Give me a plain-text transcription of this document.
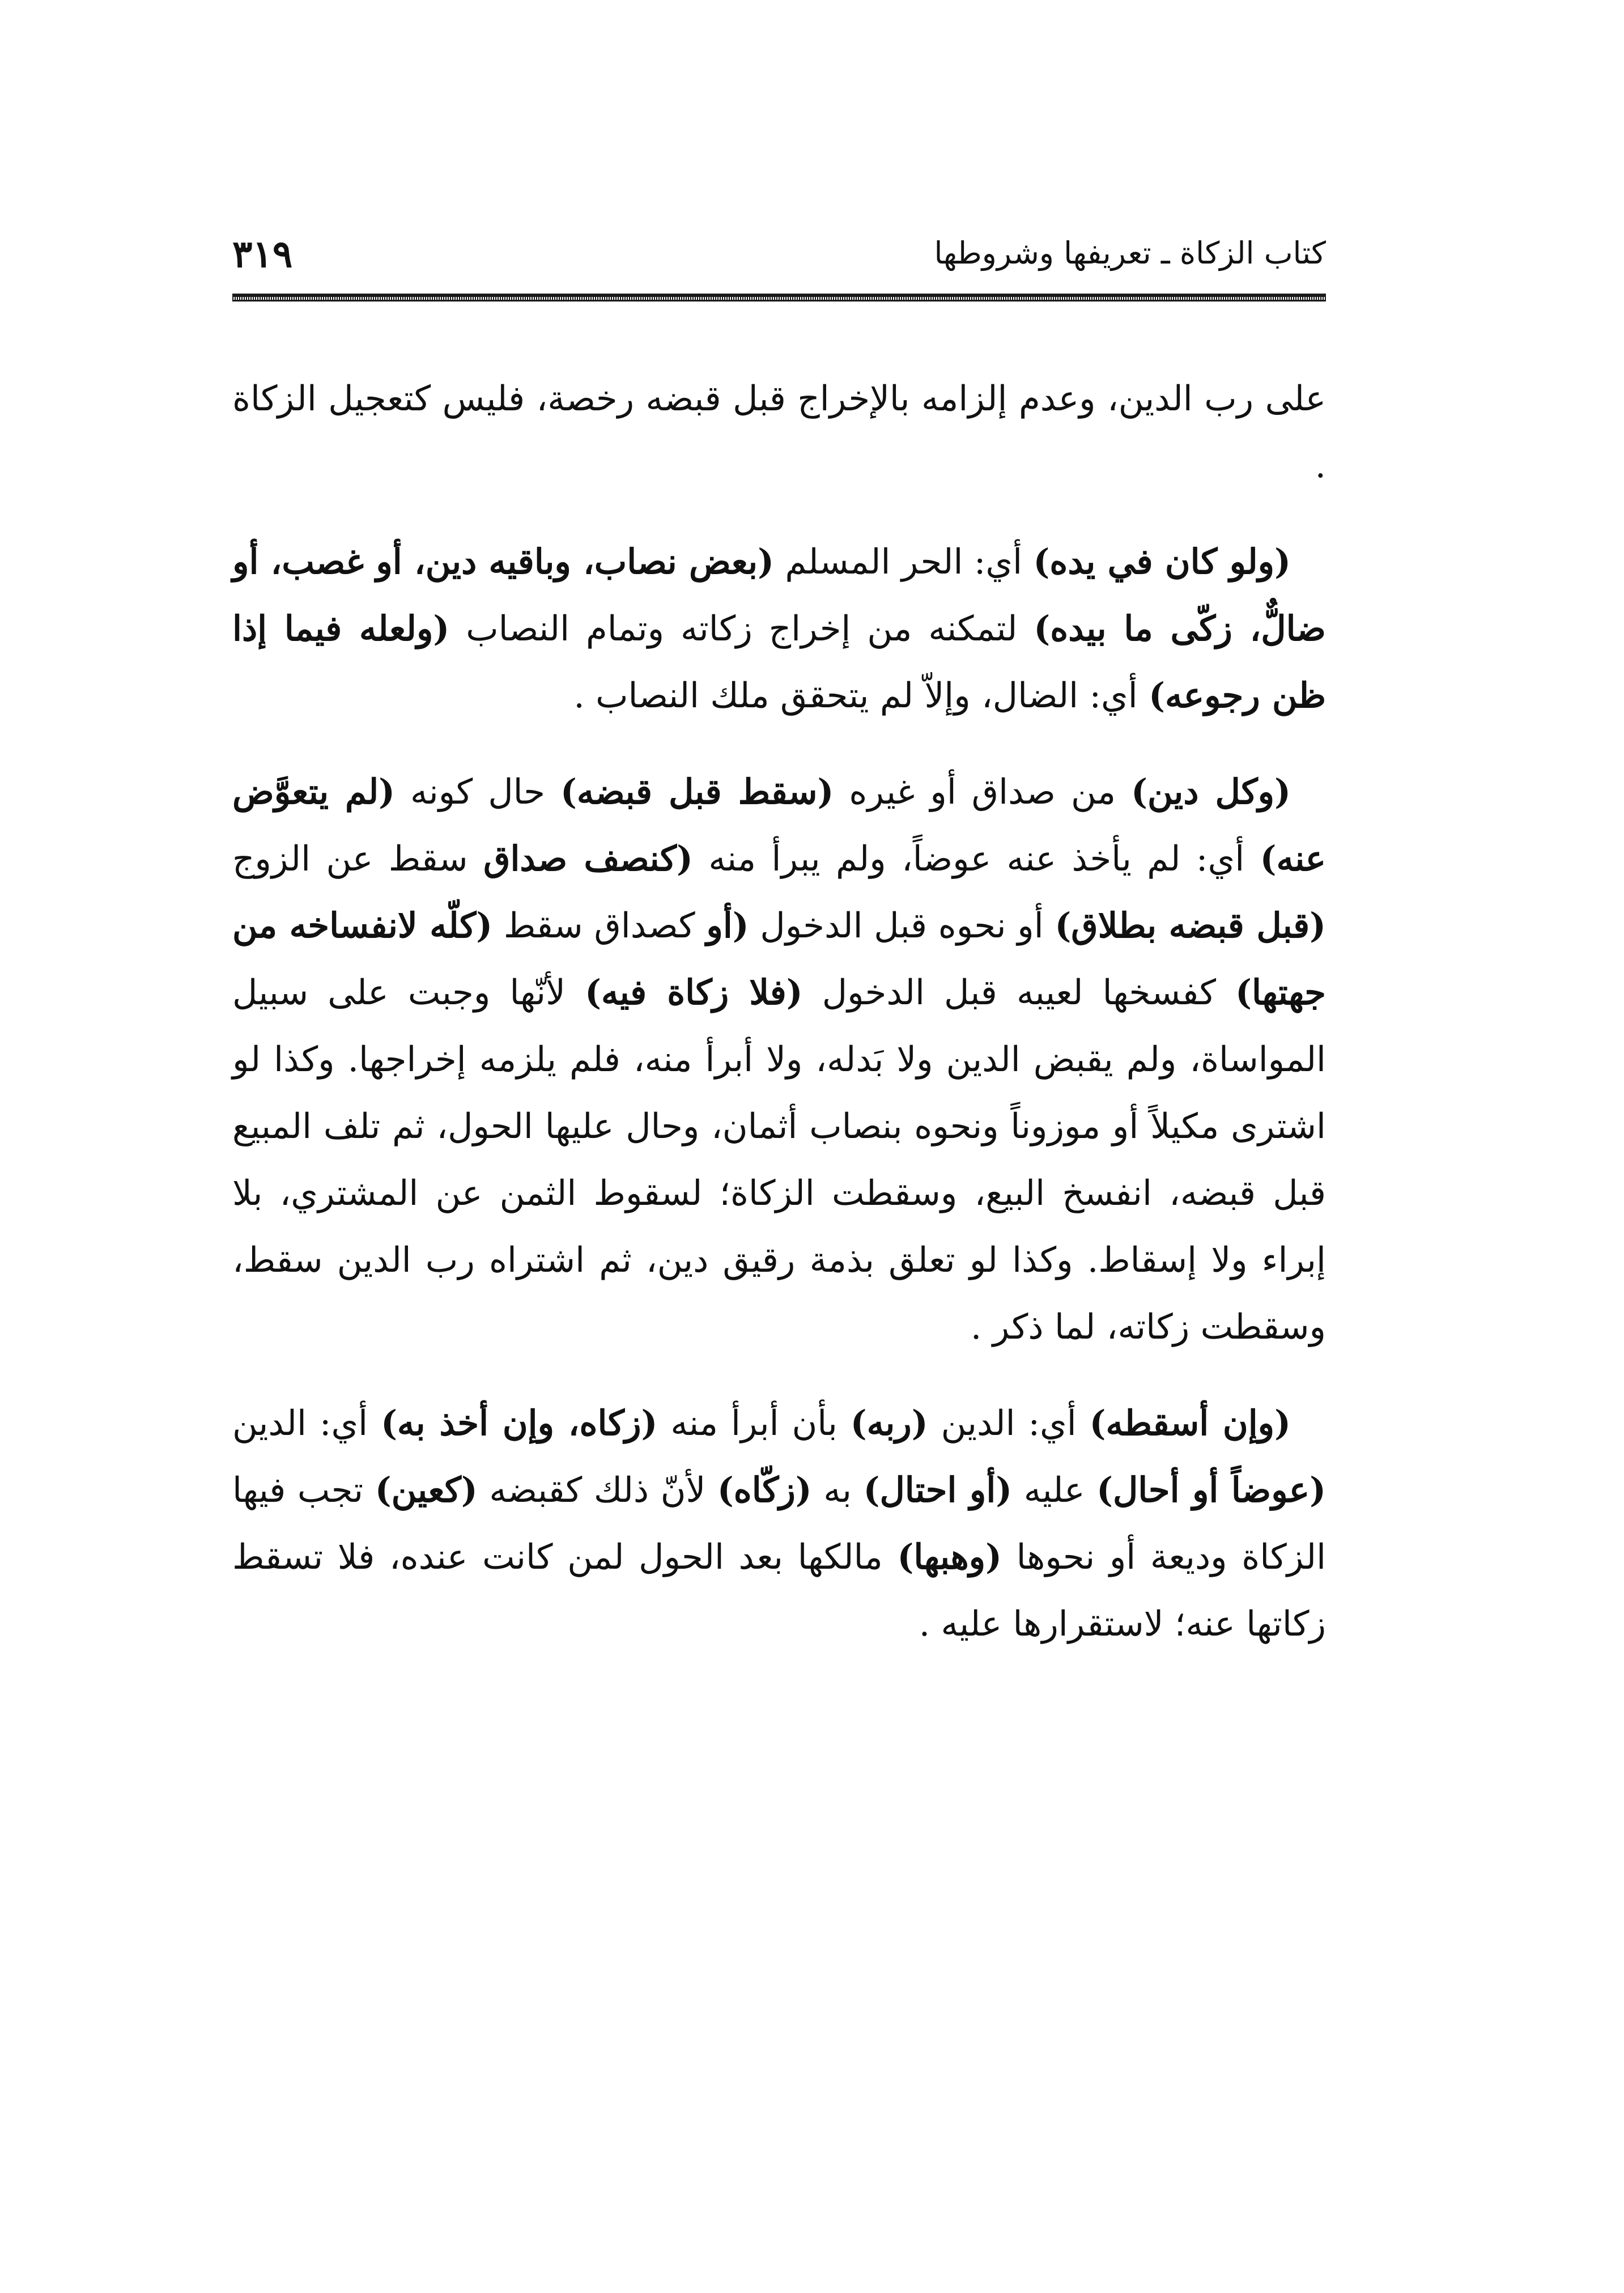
٣١٩	كتاب الزكاة ـ تعريفها وشروطها

على رب الدين، وعدم إلزامه بالإخراج قبل قبضه رخصة، فليس كتعجيل الزكاة .

(ولو كان في يده) أي: الحر المسلم (بعض نصاب، وباقيه دين، أو غصب، أو ضالٌّ، زكّى ما بيده) لتمكنه من إخراج زكاته وتمام النصاب (ولعله فيما إذا ظن رجوعه) أي: الضال، وإلاّ لم يتحقق ملك النصاب .

(وكل دين) من صداق أو غيره (سقط قبل قبضه) حال كونه (لم يتعوَّض عنه) أي: لم يأخذ عنه عوضاً، ولم يبرأ منه (كنصف صداق سقط عن الزوج (قبل قبضه بطلاق) أو نحوه قبل الدخول (أو كصداق سقط (كلّه لانفساخه من جهتها) كفسخها لعيبه قبل الدخول (فلا زكاة فيه) لأنّها وجبت على سبيل المواساة، ولم يقبض الدين ولا بَدله، ولا أبرأ منه، فلم يلزمه إخراجها. وكذا لو اشترى مكيلاً أو موزوناً ونحوه بنصاب أثمان، وحال عليها الحول، ثم تلف المبيع قبل قبضه، انفسخ البيع، وسقطت الزكاة؛ لسقوط الثمن عن المشتري، بلا إبراء ولا إسقاط. وكذا لو تعلق بذمة رقيق دين، ثم اشتراه رب الدين سقط، وسقطت زكاته، لما ذكر .

(وإن أسقطه) أي: الدين (ربه) بأن أبرأ منه (زكاه، وإن أخذ به) أي: الدين (عوضاً أو أحال) عليه (أو احتال) به (زكّاه) لأنّ ذلك كقبضه (كعين) تجب فيها الزكاة وديعة أو نحوها (وهبها) مالكها بعد الحول لمن كانت عنده، فلا تسقط زكاتها عنه؛ لاستقرارها عليه .
